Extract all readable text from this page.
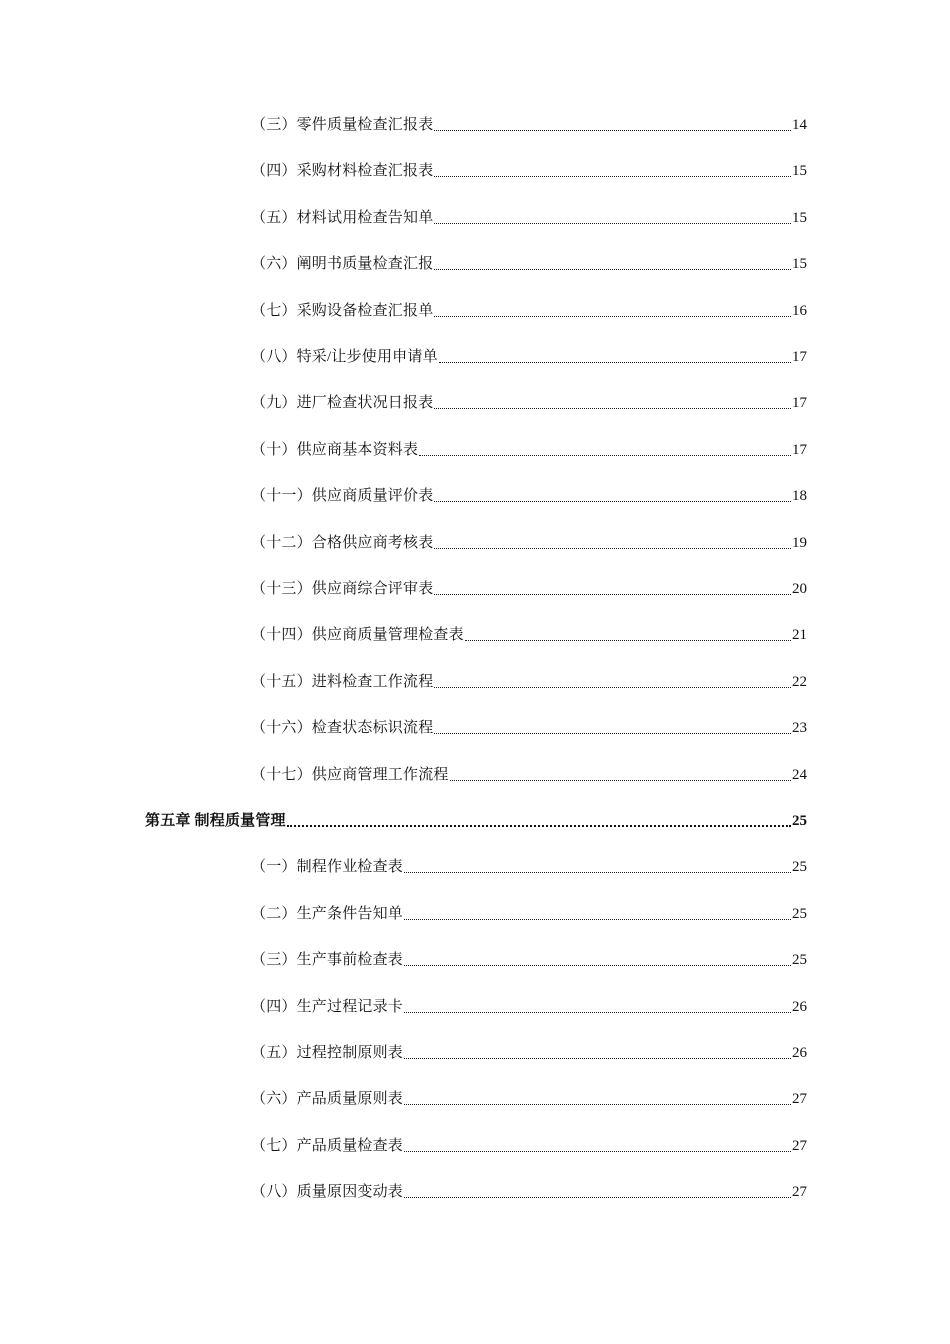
（三）零件质量检查汇报表	14
（四）采购材料检查汇报表	15
（五）材料试用检查告知单	15
（六）阐明书质量检查汇报	15
（七）采购设备检查汇报单	16
（八）特采/让步使用申请单	17
（九）进厂检查状况日报表	17
（十）供应商基本资料表	17
（十一）供应商质量评价表	18
（十二）合格供应商考核表	19
（十三）供应商综合评审表	20
（十四）供应商质量管理检查表	21
（十五）进料检查工作流程	22
（十六）检查状态标识流程	23
（十七）供应商管理工作流程	24
第五章 制程质量管理	25
（一）制程作业检查表	25
（二）生产条件告知单	25
（三）生产事前检查表	25
（四）生产过程记录卡	26
（五）过程控制原则表	26
（六）产品质量原则表	27
（七）产品质量检查表	27
（八）质量原因变动表	27
